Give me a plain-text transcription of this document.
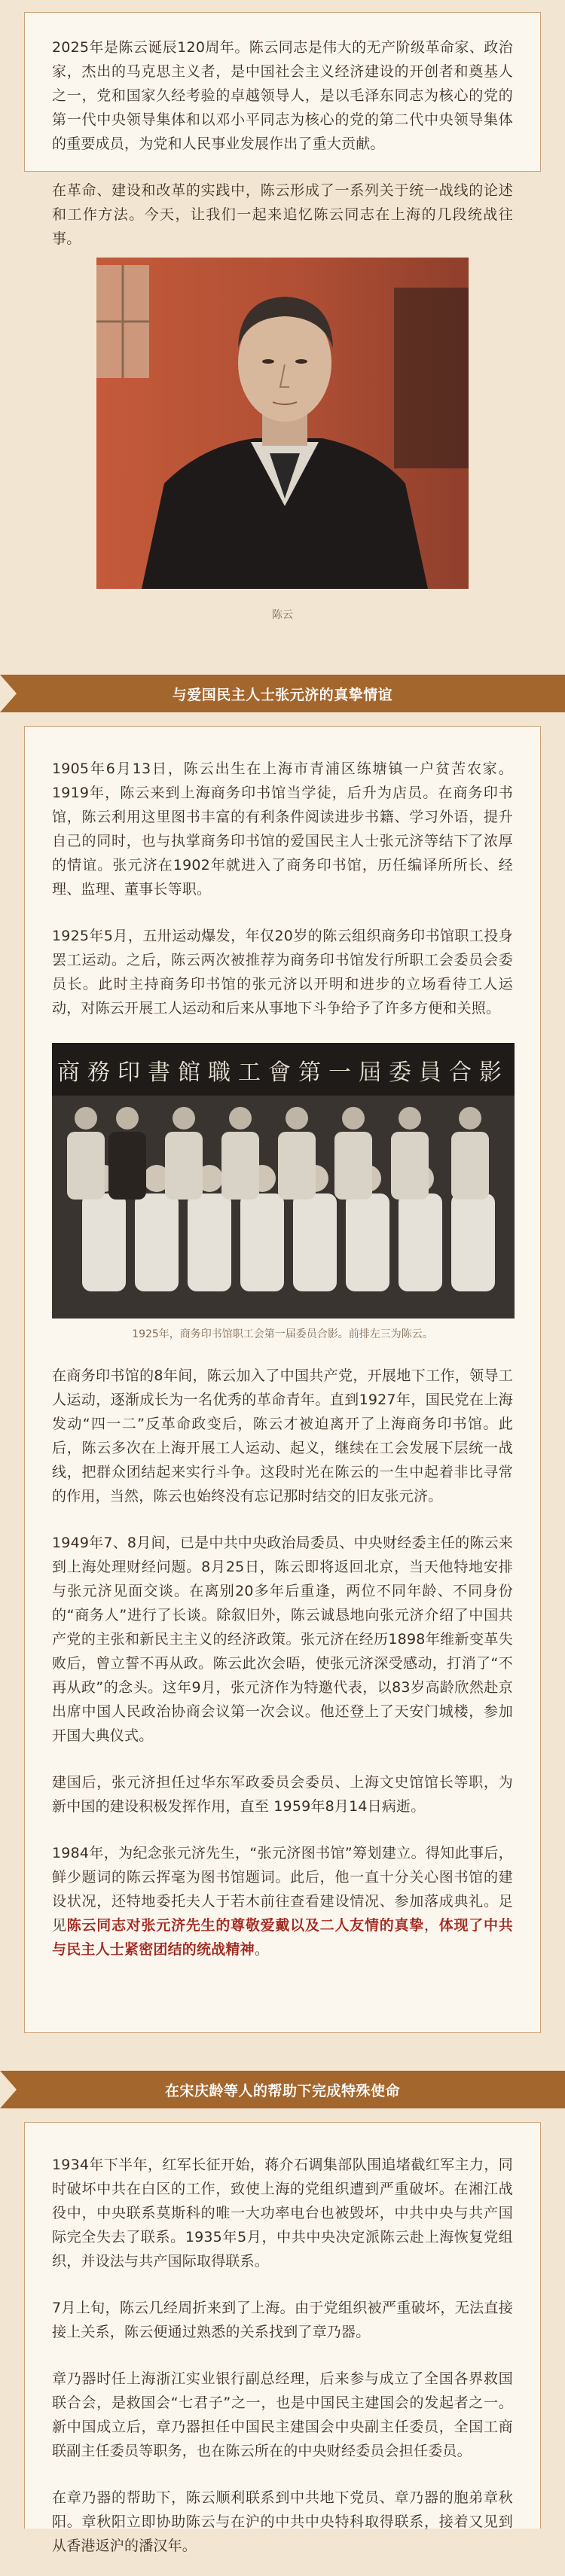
2025年是陈云诞辰120周年。陈云同志是伟大的无产阶级革命家、政治家，杰出的马克思主义者，是中国社会主义经济建设的开创者和奠基人之一，党和国家久经考验的卓越领导人，是以毛泽东同志为核心的党的第一代中央领导集体和以邓小平同志为核心的党的第二代中央领导集体的重要成员，为党和人民事业发展作出了重大贡献。

在革命、建设和改革的实践中，陈云形成了一系列关于统一战线的论述和工作方法。今天，让我们一起来追忆陈云同志在上海的几段统战往事。

陈云
与爱国民主人士张元济的真挚情谊

1905年6月13日，陈云出生在上海市青浦区练塘镇一户贫苦农家。1919年，陈云来到上海商务印书馆当学徒，后升为店员。在商务印书馆，陈云利用这里图书丰富的有利条件阅读进步书籍、学习外语，提升自己的同时，也与执掌商务印书馆的爱国民主人士张元济等结下了浓厚的情谊。张元济在1902年就进入了商务印书馆，历任编译所所长、经理、监理、董事长等职。

1925年5月，五卅运动爆发，年仅20岁的陈云组织商务印书馆职工投身罢工运动。之后，陈云两次被推荐为商务印书馆发行所职工会委员会委员长。此时主持商务印书馆的张元济以开明和进步的立场看待工人运动，对陈云开展工人运动和后来从事地下斗争给予了许多方便和关照。

商務印書館職工會第一屆委員合影
1925年，商务印书馆职工会第一届委员合影。前排左三为陈云。

在商务印书馆的8年间，陈云加入了中国共产党，开展地下工作，领导工人运动，逐渐成长为一名优秀的革命青年。直到1927年，国民党在上海发动“四一二”反革命政变后，陈云才被迫离开了上海商务印书馆。此后，陈云多次在上海开展工人运动、起义，继续在工会发展下层统一战线，把群众团结起来实行斗争。这段时光在陈云的一生中起着非比寻常的作用，当然，陈云也始终没有忘记那时结交的旧友张元济。

1949年7、8月间，已是中共中央政治局委员、中央财经委主任的陈云来到上海处理财经问题。8月25日，陈云即将返回北京，当天他特地安排与张元济见面交谈。在离别20多年后重逢，两位不同年龄、不同身份的“商务人”进行了长谈。除叙旧外，陈云诚恳地向张元济介绍了中国共产党的主张和新民主主义的经济政策。张元济在经历1898年维新变革失败后，曾立誓不再从政。陈云此次会晤，使张元济深受感动，打消了“不再从政”的念头。这年9月，张元济作为特邀代表，以83岁高龄欣然赴京出席中国人民政治协商会议第一次会议。他还登上了天安门城楼，参加开国大典仪式。

建国后，张元济担任过华东军政委员会委员、上海文史馆馆长等职，为新中国的建设积极发挥作用，直至 1959年8月14日病逝。

1984年，为纪念张元济先生，“张元济图书馆”筹划建立。得知此事后，鲜少题词的陈云挥毫为图书馆题词。此后，他一直十分关心图书馆的建设状况，还特地委托夫人于若木前往查看建设情况、参加落成典礼。足见陈云同志对张元济先生的尊敬爱戴以及二人友情的真挚，体现了中共与民主人士紧密团结的统战精神。

在宋庆龄等人的帮助下完成特殊使命

1934年下半年，红军长征开始，蒋介石调集部队围追堵截红军主力，同时破坏中共在白区的工作，致使上海的党组织遭到严重破坏。在湘江战役中，中央联系莫斯科的唯一大功率电台也被毁坏，中共中央与共产国际完全失去了联系。1935年5月，中共中央决定派陈云赴上海恢复党组织，并设法与共产国际取得联系。

7月上旬，陈云几经周折来到了上海。由于党组织被严重破坏，无法直接接上关系，陈云便通过熟悉的关系找到了章乃器。

章乃器时任上海浙江实业银行副总经理，后来参与成立了全国各界救国联合会，是救国会“七君子”之一，也是中国民主建国会的发起者之一。新中国成立后，章乃器担任中国民主建国会中央副主任委员，全国工商联副主任委员等职务，也在陈云所在的中央财经委员会担任委员。

在章乃器的帮助下，陈云顺利联系到中共地下党员、章乃器的胞弟章秋阳。章秋阳立即协助陈云与在沪的中共中央特科取得联系，接着又见到从香港返沪的潘汉年。
